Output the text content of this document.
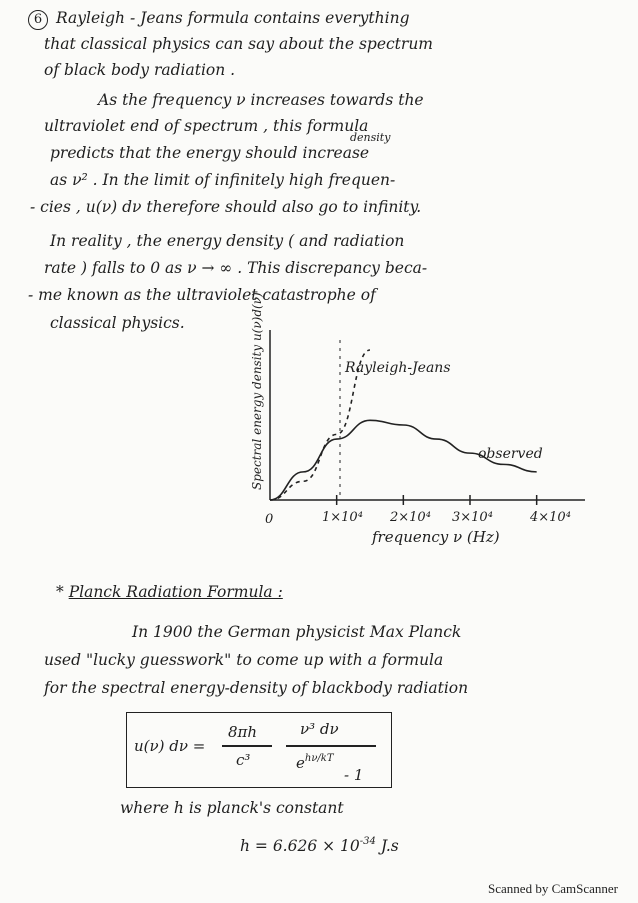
6 Rayleigh - Jeans formula contains everything
that classical physics can say about the spectrum
of black body radiation .
As the frequency ν increases towards the
ultraviolet end of spectrum , this formula
density
predicts that the energy should increase
as ν² . In the limit of infinitely high frequen-
- cies , u(ν) dν therefore should also go to infinity.
In reality , the energy density ( and radiation
rate ) falls to 0 as ν → ∞ . This discrepancy beca-
- me known as the ultraviolet catastrophe of
classical physics.	Spectral energy density u(ν)d(ν)
0
Rayleigh-Jeans
observed
1×10⁴ 2×10⁴ 3×10⁴	4×10⁴
frequency ν (Hz)
* Planck Radiation Formula :
In 1900 the German physicist Max Planck
used "lucky guesswork" to come up with a formula
for the spectral energy-density of blackbody radiation
u(ν) dν =
8πh
c³
ν³ dν
$e^{h\nu/kT}$
- 1
where h is planck's constant
$h = 6.626 \times 10^{-34}$ J.s
Scanned by CamScanner
